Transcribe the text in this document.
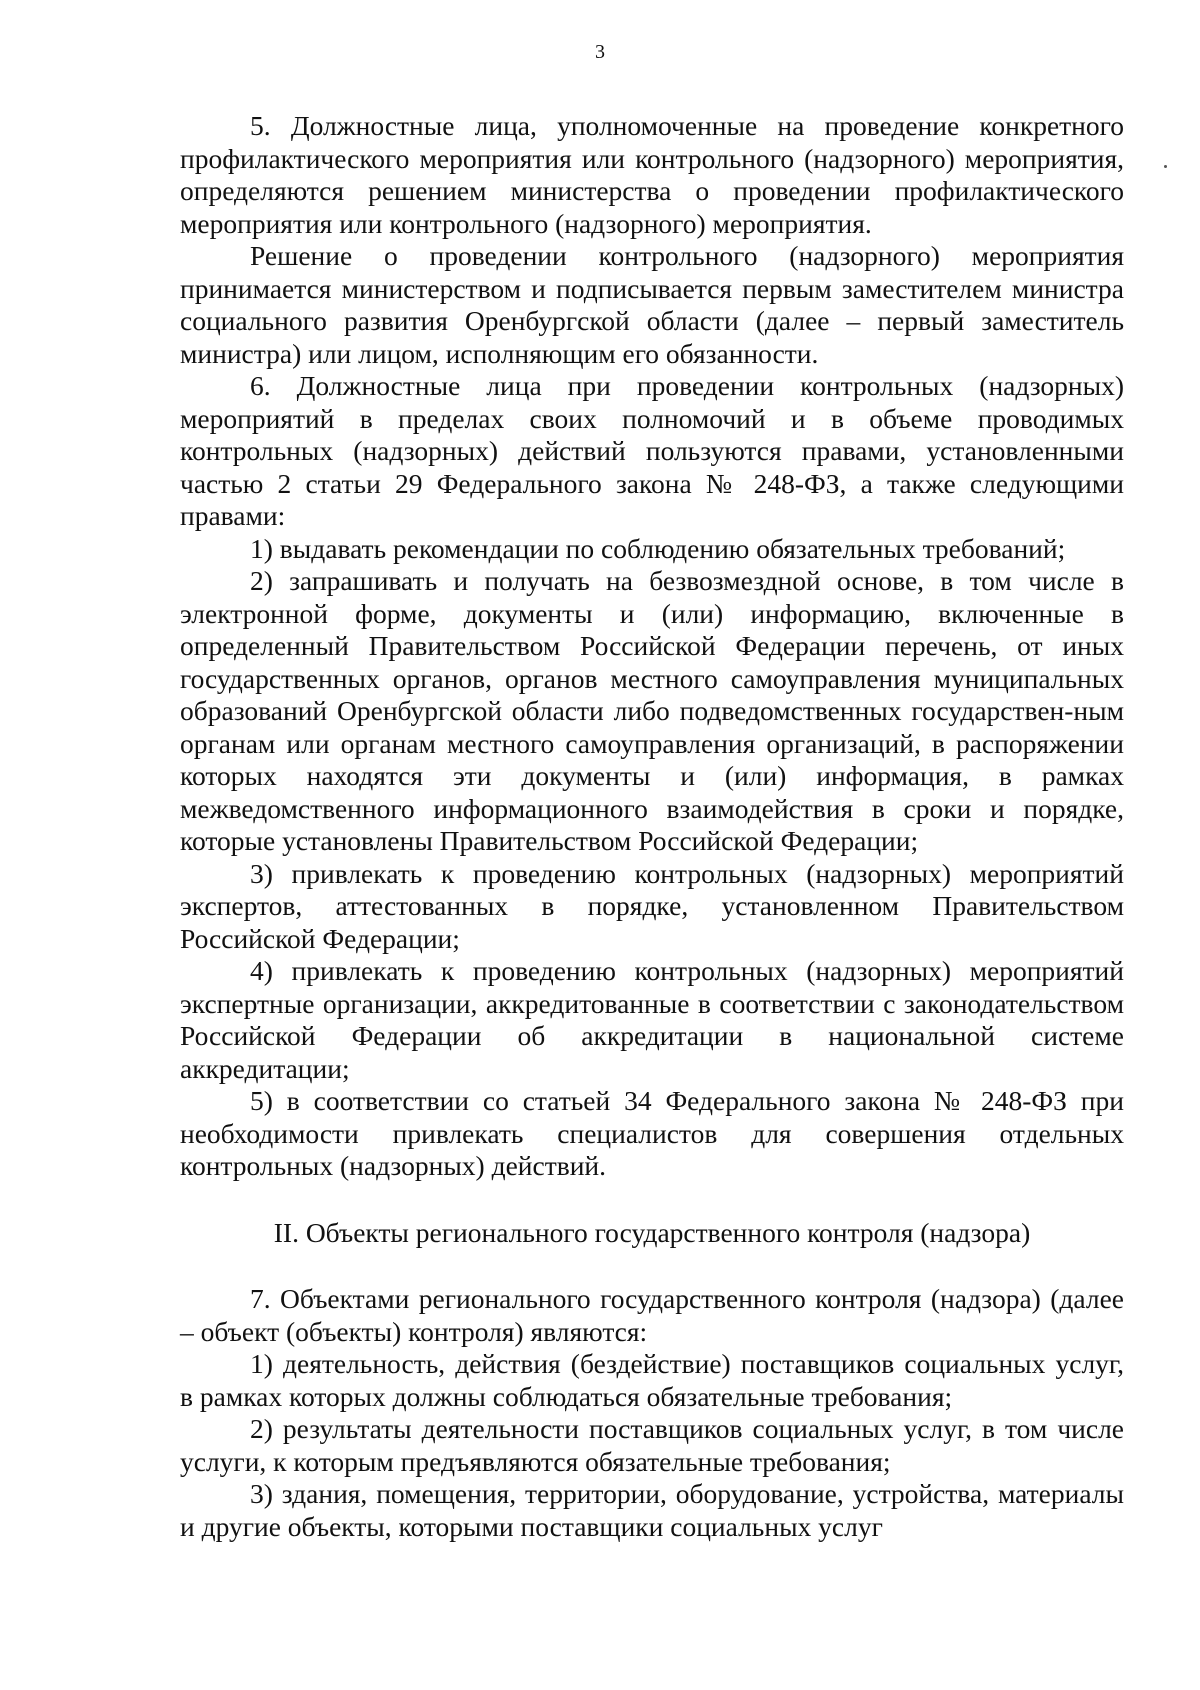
3

5. Должностные лица, уполномоченные на проведение конкретного профилактического мероприятия или контрольного (надзорного) мероприятия, определяются решением министерства о проведении профилактического мероприятия или контрольного (надзорного) мероприятия.

Решение о проведении контрольного (надзорного) мероприятия принимается министерством и подписывается первым заместителем министра социального развития Оренбургской области (далее – первый заместитель министра) или лицом, исполняющим его обязанности.

6. Должностные лица при проведении контрольных (надзорных) мероприятий в пределах своих полномочий и в объеме проводимых контрольных (надзорных) действий пользуются правами, установленными частью 2 статьи 29 Федерального закона № 248-ФЗ, а также следующими правами:

1) выдавать рекомендации по соблюдению обязательных требований;

2) запрашивать и получать на безвозмездной основе, в том числе в электронной форме, документы и (или) информацию, включенные в определенный Правительством Российской Федерации перечень, от иных государственных органов, органов местного самоуправления муниципальных образований Оренбургской области либо подведомственных государствен-ным органам или органам местного самоуправления организаций, в распоряжении которых находятся эти документы и (или) информация, в рамках межведомственного информационного взаимодействия в сроки и порядке, которые установлены Правительством Российской Федерации;

3) привлекать к проведению контрольных (надзорных) мероприятий экспертов, аттестованных в порядке, установленном Правительством Российской Федерации;

4) привлекать к проведению контрольных (надзорных) мероприятий экспертные организации, аккредитованные в соответствии с законодательством Российской Федерации об аккредитации в национальной системе аккредитации;

5) в соответствии со статьей 34 Федерального закона № 248-ФЗ при необходимости привлекать специалистов для совершения отдельных контрольных (надзорных) действий.

II. Объекты регионального государственного контроля (надзора)

7. Объектами регионального государственного контроля (надзора) (далее – объект (объекты) контроля) являются:

1) деятельность, действия (бездействие) поставщиков социальных услуг, в рамках которых должны соблюдаться обязательные требования;

2) результаты деятельности поставщиков социальных услуг, в том числе услуги, к которым предъявляются обязательные требования;

3) здания, помещения, территории, оборудование, устройства, материалы и другие объекты, которыми поставщики социальных услуг
